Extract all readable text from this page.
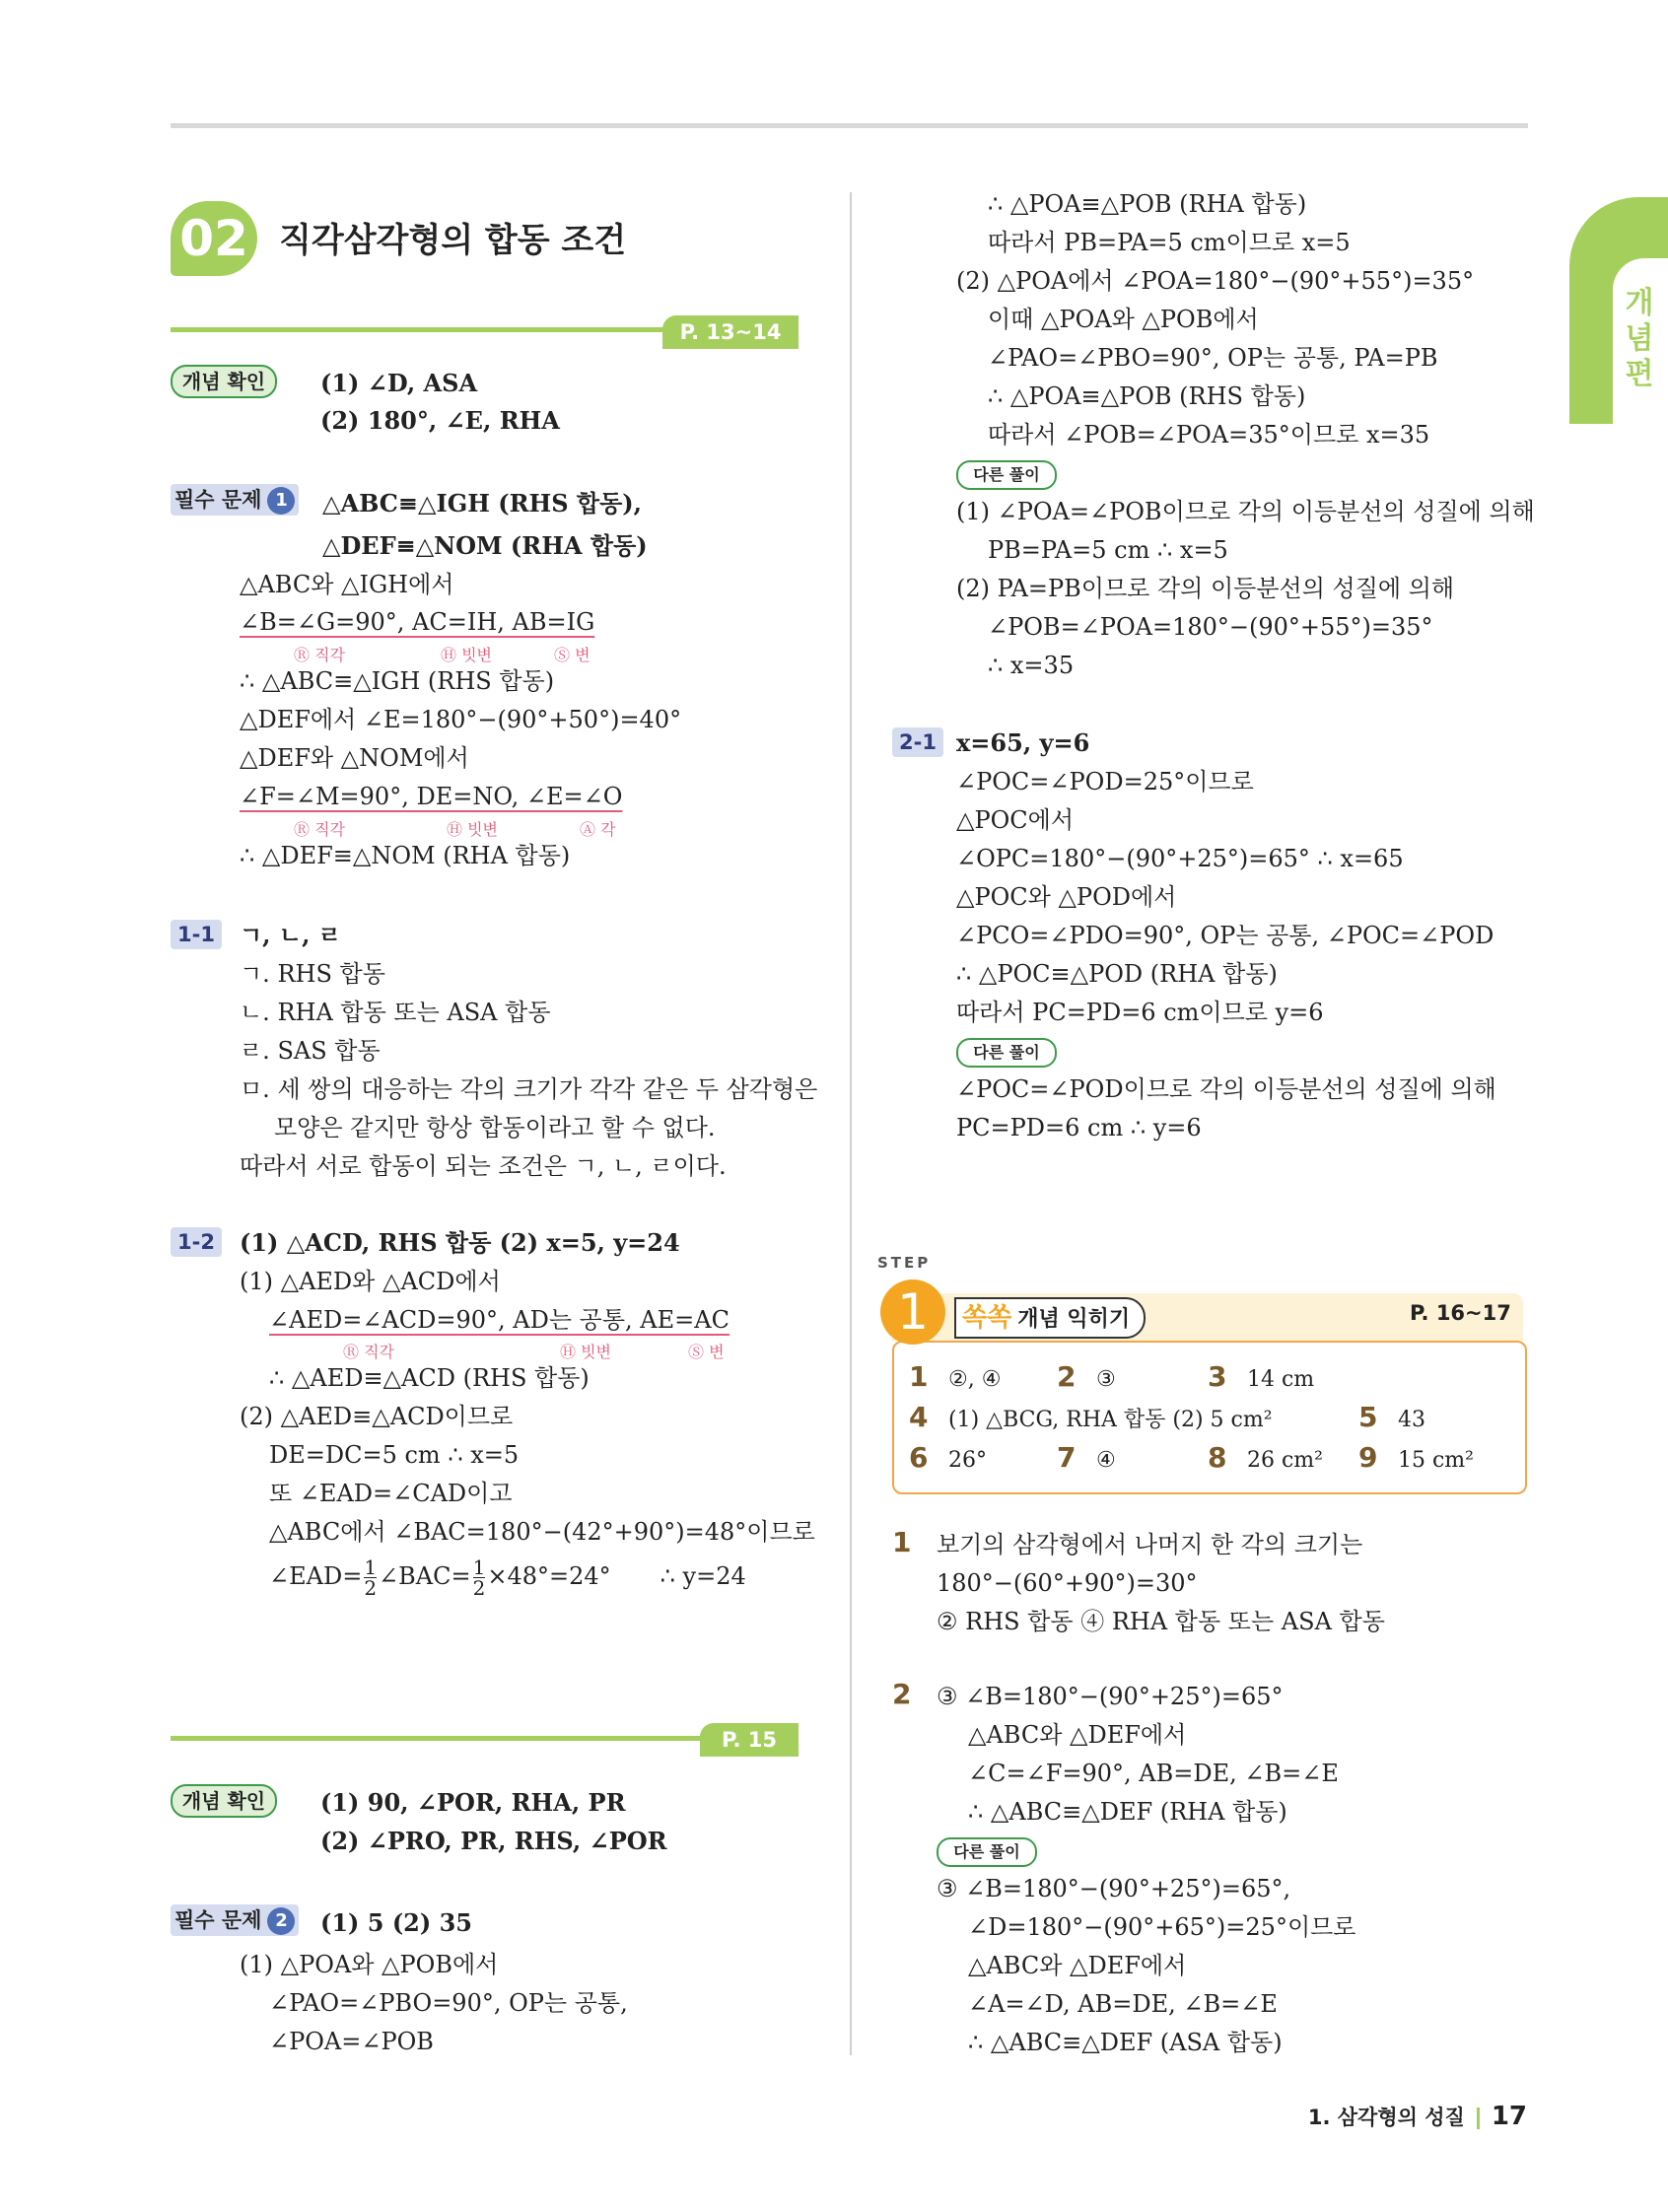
개념편
02 직각삼각형의 합동 조건
P. 13~14
개념 확인	(1) ∠D, ASA
(2) 180°, ∠E, RHA
필수 문제 1	△ABC≡△IGH (RHS 합동),
△DEF≡△NOM (RHA 합동)
△ABC와 △IGH에서
∠B=∠G=90°, AC=IH, AB=IG
Ⓡ 직각	Ⓗ 빗변	Ⓢ 변
∴ △ABC≡△IGH (RHS 합동)
△DEF에서 ∠E=180°−(90°+50°)=40°
△DEF와 △NOM에서
∠F=∠M=90°, DE=NO, ∠E=∠O
Ⓡ 직각	Ⓗ 빗변	Ⓐ 각
∴ △DEF≡△NOM (RHA 합동)
1-1 ㄱ, ㄴ, ㄹ
ㄱ. RHS 합동
ㄴ. RHA 합동 또는 ASA 합동
ㄹ. SAS 합동
ㅁ. 세 쌍의 대응하는 각의 크기가 각각 같은 두 삼각형은
모양은 같지만 항상 합동이라고 할 수 없다.
따라서 서로 합동이 되는 조건은 ㄱ, ㄴ, ㄹ이다.
1-2 (1) △ACD, RHS 합동 (2) x=5, y=24
(1) △AED와 △ACD에서
∠AED=∠ACD=90°, AD는 공통, AE=AC
Ⓡ 직각	Ⓗ 빗변	Ⓢ 변
∴ △AED≡△ACD (RHS 합동)
(2) △AED≡△ACD이므로
DE=DC=5 cm ∴ x=5
또 ∠EAD=∠CAD이고
△ABC에서 ∠BAC=180°−(42°+90°)=48°이므로
∠EAD= $\frac{1}{2}$ ∠BAC= $\frac{1}{2} \times 48^\circ=24^\circ$ ∴ y=24
P. 15
개념 확인	(1) 90, ∠POR, RHA, PR
(2) ∠PRO, PR, RHS, ∠POR
필수 문제 2	(1) 5 (2) 35
(1) △POA와 △POB에서
∠PAO=∠PBO=90°, OP는 공통,
∠POA=∠POB
∴ △POA≡△POB (RHA 합동)
따라서 PB=PA=5 cm이므로 x=5
(2) △POA에서 ∠POA=180°−(90°+55°)=35°
이때 △POA와 △POB에서
∠PAO=∠PBO=90°, OP는 공통, PA=PB
∴ △POA≡△POB (RHS 합동)
따라서 ∠POB=∠POA=35°이므로 x=35
다른 풀이
(1) ∠POA=∠POB이므로 각의 이등분선의 성질에 의해
PB=PA=5 cm ∴ x=5
(2) PA=PB이므로 각의 이등분선의 성질에 의해
∠POB=∠POA=180°−(90°+55°)=35°
∴ x=35
2-1 x=65, y=6
∠POC=∠POD=25°이므로
△POC에서
∠OPC=180°−(90°+25°)=65° ∴ x=65
△POC와 △POD에서
∠PCO=∠PDO=90°, OP는 공통, ∠POC=∠POD
∴ △POC≡△POD (RHA 합동)
따라서 PC=PD=6 cm이므로 y=6
다른 풀이
∠POC=∠POD이므로 각의 이등분선의 성질에 의해
PC=PD=6 cm ∴ y=6
STEP
1	쏙쏙 개념 익히기	P. 16~17
1 ②, ④ 2 ③	3 14 cm
4 (1) △BCG, RHA 합동 (2) 5 cm²	5 43
6 26°	7 ④	8 26 cm² 9 15 cm²
1 보기의 삼각형에서 나머지 한 각의 크기는
180°−(60°+90°)=30°
② RHS 합동 ④ RHA 합동 또는 ASA 합동
2 ③ ∠B=180°−(90°+25°)=65°
△ABC와 △DEF에서
∠C=∠F=90°, AB=DE, ∠B=∠E
∴ △ABC≡△DEF (RHA 합동)
다른 풀이
③ ∠B=180°−(90°+25°)=65°,
∠D=180°−(90°+65°)=25°이므로
△ABC와 △DEF에서
∠A=∠D, AB=DE, ∠B=∠E
∴ △ABC≡△DEF (ASA 합동)
1. 삼각형의 성질 17
